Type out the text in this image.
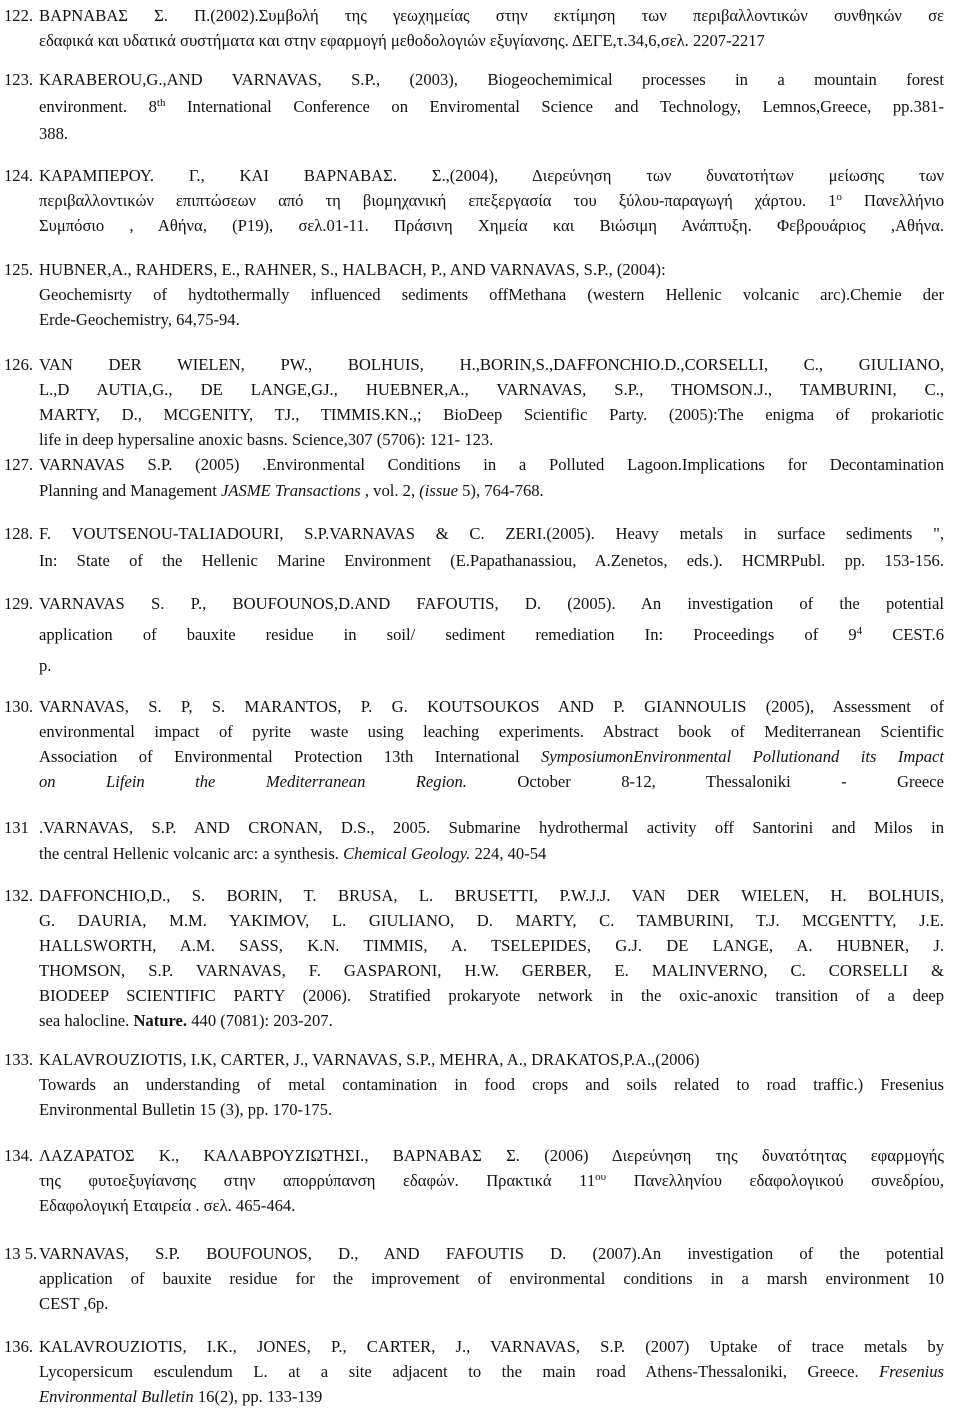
122. ΒΑΡΝΑΒΑΣ Σ. Π.(2002).Συμβολή της γεωχημείας στην εκτίμηση των περιβαλλοντικών συνθηκών σε
εδαφικά και υδατικά συστήματα και στην εφαρμογή μεθοδολογιών εξυγίανσης. ΔΕΓΕ,τ.34,6,σελ. 2207-2217
123. KARABEROU,G.,AND VARNAVAS, S.P., (2003), Biogeochemimical processes in a mountain forest
environment. 8th International Conference on Enviromental Science and Technology, Lemnos,Greece, pp.381-
388.
124. ΚΑΡΑΜΠΕΡΟΥ. Γ., ΚΑΙ ΒΑΡΝΑΒΑΣ. Σ.,(2004), Διερεύνηση των δυνατοτήτων μείωσης των
περιβαλλοντικών επιπτώσεων από τη βιομηχανική επεξεργασία του ξύλου-παραγωγή χάρτου. $1^o$ Πανελλήνιο
Συμπόσιο , Αθήνα, (Ρ19), σελ.01-11. Πράσινη Χημεία και Βιώσιμη Ανάπτυξη. Φεβρουάριος ,Αθήνα.
125. HUBNER,A., RAHDERS, E., RAHNER, S., HALBACH, P., AND VARNAVAS, S.P., (2004):
Geochemisrty of hydtothermally influenced sediments offMethana (western Hellenic volcanic arc).Chemie der
Erde-Geochemistry, 64,75-94.
126. VAN DER WIELEN, PW., BOLHUIS, H.,BORIN,S.,DAFFONCHIO.D.,CORSELLI, C., GIULIANO,
L.,D AUTIA,G., DE LANGE,GJ., HUEBNER,A., VARNAVAS, S.P., THOMSON.J., TAMBURINI, C.,
MARTY, D., MCGENITY, TJ., TIMMIS.KN.,; BioDeep Scientific Party. (2005):The enigma of prokariotic
life in deep hypersaline anoxic basns. Science,307 (5706): 121- 123.
127. VARNAVAS S.P. (2005) .Environmental Conditions in a Polluted Lagoon.Implications for Decontamination
Planning and Management JASME Transactions , vol. 2, (issue 5), 764-768.
128. F. VOUTSENOU-TALIADOURI, S.P.VARNAVAS & C. ZERI.(2005). Heavy metals in surface sediments ",
In: State of the Hellenic Marine Environment (E.Papathanassiou, A.Zenetos, eds.). HCMRPubl. pp. 153-156.
129. VARNAVAS S. P., BOUFOUNOS,D.AND FAFOUTIS, D. (2005). An investigation of the potential
application of bauxite residue in soil/ sediment remediation In: Proceedings of $9^4$ CEST.6
p.
130. VARNAVAS, S. P, S. MARANTOS, P. G. KOUTSOUKOS AND P. GIANNOULIS (2005), Assessment of
environmental impact of pyrite waste using leaching experiments. Abstract book of Mediterranean Scientific
Association of Environmental Protection 13th International SymposiumonEnvironmental Pollutionand its Impact
on Lifein the Mediterranean Region. October 8-12, Thessaloniki - Greece
131 .VARNAVAS, S.P. AND CRONAN, D.S., 2005. Submarine hydrothermal activity off Santorini and Milos in
the central Hellenic volcanic arc: a synthesis. Chemical Geology. 224, 40-54
132. DAFFONCHIO,D., S. BORIN, T. BRUSA, L. BRUSETTI, P.W.J.J. VAN DER WIELEN, H. BOLHUIS,
G. DAURIA, M.M. YAKIMOV, L. GIULIANO, D. MARTY, C. TAMBURINI, T.J. MCGENTTY, J.E.
HALLSWORTH, A.M. SASS, K.N. TIMMIS, A. TSELEPIDES, G.J. DE LANGE, A. HUBNER, J.
THOMSON, S.P. VARNAVAS, F. GASPARONI, H.W. GERBER, E. MALINVERNO, C. CORSELLI &
BIODEEP SCIENTIFIC PARTY (2006). Stratified prokaryote network in the oxic-anoxic transition of a deep
sea halocline. Nature. 440 (7081): 203-207.
133. KALAVROUZIOTIS, I.K, CARTER, J., VARNAVAS, S.P., MEHRA, A., DRAKATOS,P.A.,(2006)
Towards an understanding of metal contamination in food crops and soils related to road traffic.) Fresenius
Environmental Bulletin 15 (3), pp. 170-175.
134. ΛΑΖΑΡΑΤΟΣ Κ., ΚΑΛΑΒΡΟΥΖΙΩΤΗΣΙ., ΒΑΡΝΑΒΑΣ Σ. (2006) Διερεύνηση της δυνατότητας εφαρμογής
της φυτοεξυγίανσης στην απορρύπανση εδαφών. Πρακτικά $11^{o\upsilon}$ Πανελληνίου εδαφολογικού συνεδρίου,
Εδαφολογική Εταιρεία . σελ. 465-464.
13 5. VARNAVAS, S.P. BOUFOUNOS, D., AND FAFOUTIS D. (2007).An investigation of the potential
application of bauxite residue for the improvement of environmental conditions in a marsh environment 10
CEST ,6p.
136. KALAVROUZIOTIS, I.K., JONES, P., CARTER, J., VARNAVAS, S.P. (2007) Uptake of trace metals by
Lycopersicum esculendum L. at a site adjacent to the main road Athens-Thessaloniki, Greece. Fresenius
Environmental Bulletin 16(2), pp. 133-139
